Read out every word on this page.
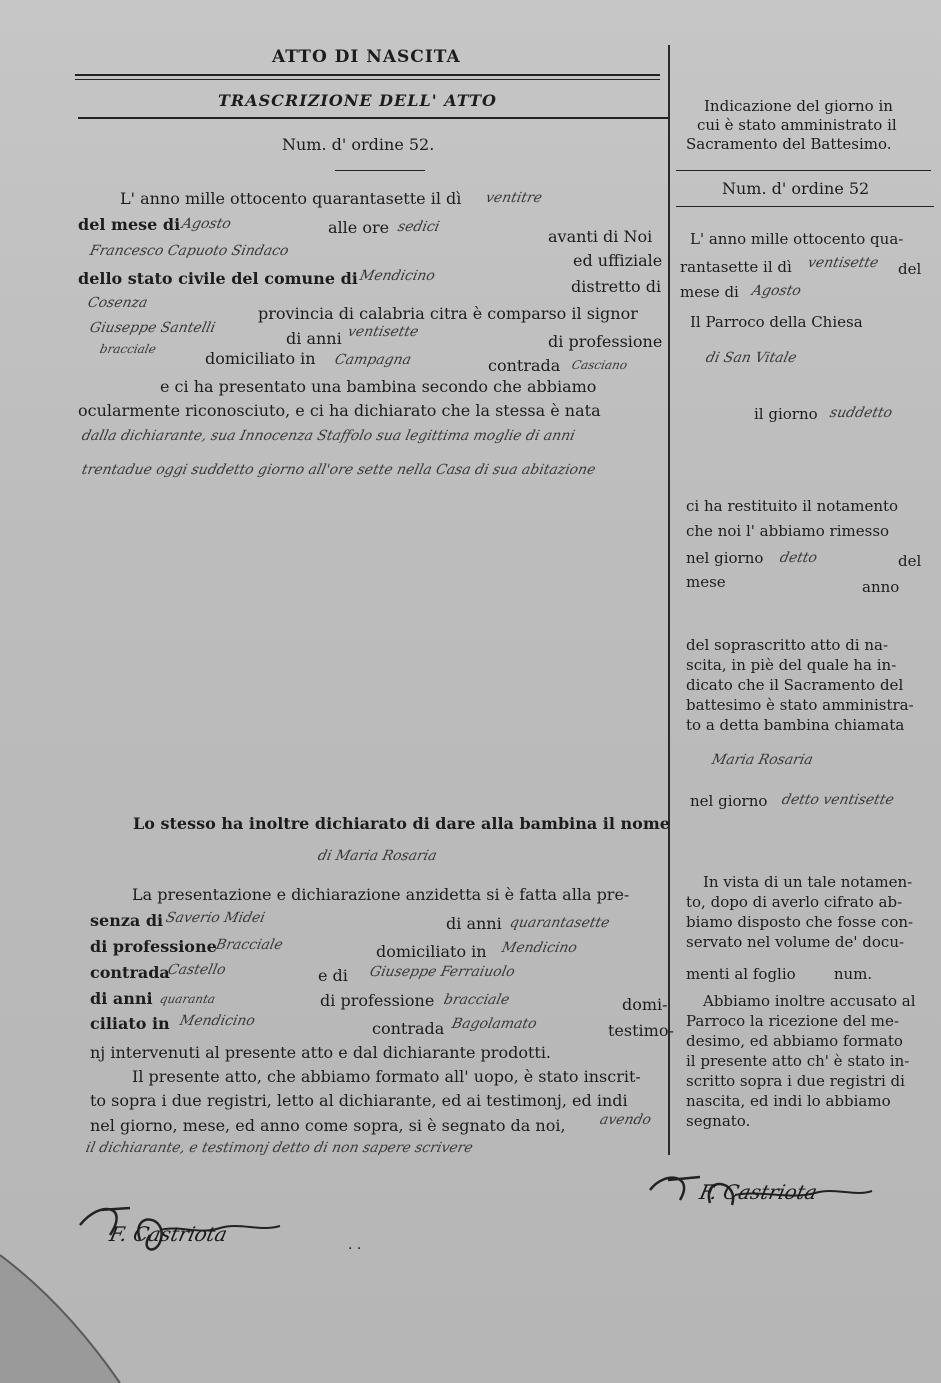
ATTO DI NASCITA
TRASCRIZIONE DELL' ATTO
Num. d' ordine 52.
Indicazione del giorno in
cui è stato amministrato il
Sacramento del Battesimo.
Num. d' ordine 52
L' anno mille ottocento quarantasette il dì ventitre
del mese di Agosto	alle ore sedici
Francesco Capuoto Sindaco
avanti di Noi
ed uffiziale
dello stato civile del comune di Mendicino
distretto di
Cosenza
provincia di calabria citra è comparso il signor
Giuseppe Santelli
di anni ventisette
bracciale	di professione
domiciliato in Campagna	contrada Casciano
e ci ha presentato una bambina secondo che abbiamo
ocularmente riconosciuto, e ci ha dichiarato che la stessa è nata
dalla dichiarante, sua Innocenza Staffolo sua legittima moglie di anni
trentadue oggi suddetto giorno all'ore sette nella Casa di sua abitazione
Lo stesso ha inoltre dichiarato di dare alla bambina il nome
di Maria Rosaria
La presentazione e dichiarazione anzidetta si è fatta alla pre-
senza di Saverio Midei	di anni quarantasette
di professione
Bracciale	domiciliato in Mendicino
contrada
Castello	e di Giuseppe Ferraiuolo
di anni quaranta	di professione bracciale	domi-
ciliato in Mendicino	contrada Bagolamato	testimo-
nj intervenuti al presente atto e dal dichiarante prodotti.
Il presente atto, che abbiamo formato all' uopo, è stato inscrit-
to sopra i due registri, letto al dichiarante, ed ai testimonj, ed indi
nel giorno, mese, ed anno come sopra, si è segnato da noi, avendo
il dichiarante, e testimonj detto di non sapere scrivere
F. Castriota
· ·
L' anno mille ottocento qua-
rantasette il dì ventisette del
mese di Agosto
Il Parroco della Chiesa
di San Vitale
il giorno suddetto
ci ha restituito il notamento
che noi l' abbiamo rimesso
nel giorno detto	del
mese	anno
del soprascritto atto di na-
scita, in piè del quale ha in-
dicato che il Sacramento del
battesimo è stato amministra-
to a detta bambina chiamata
Maria Rosaria
nel giorno detto ventisette
In vista di un tale notamen-
to, dopo di averlo cifrato ab-
biamo disposto che fosse con-
servato nel volume de' docu-
menti al foglio        num.
Abbiamo inoltre accusato al
Parroco la ricezione del me-
desimo, ed abbiamo formato
il presente atto ch' è stato in-
scritto sopra i due registri di
nascita, ed indi lo abbiamo
segnato.
F. Castriota
